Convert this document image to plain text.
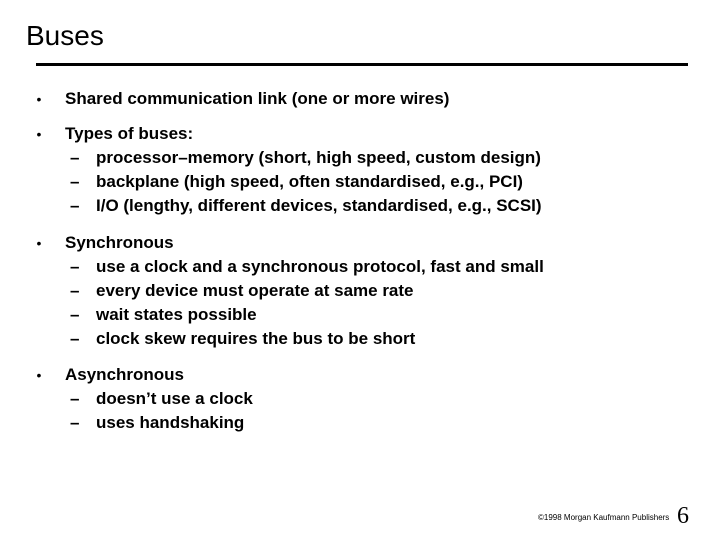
Buses
• Shared communication link (one or more wires)
• Types of buses:
– processor–memory (short, high speed, custom design)
– backplane (high speed, often standardised, e.g., PCI)
– I/O (lengthy, different devices, standardised, e.g., SCSI)
• Synchronous
– use a clock and a synchronous protocol, fast and small
– every device must operate at same rate
– wait states possible
– clock skew requires the bus to be short
• Asynchronous
– doesn’t use a clock
– uses handshaking
©1998 Morgan Kaufmann Publishers 6
